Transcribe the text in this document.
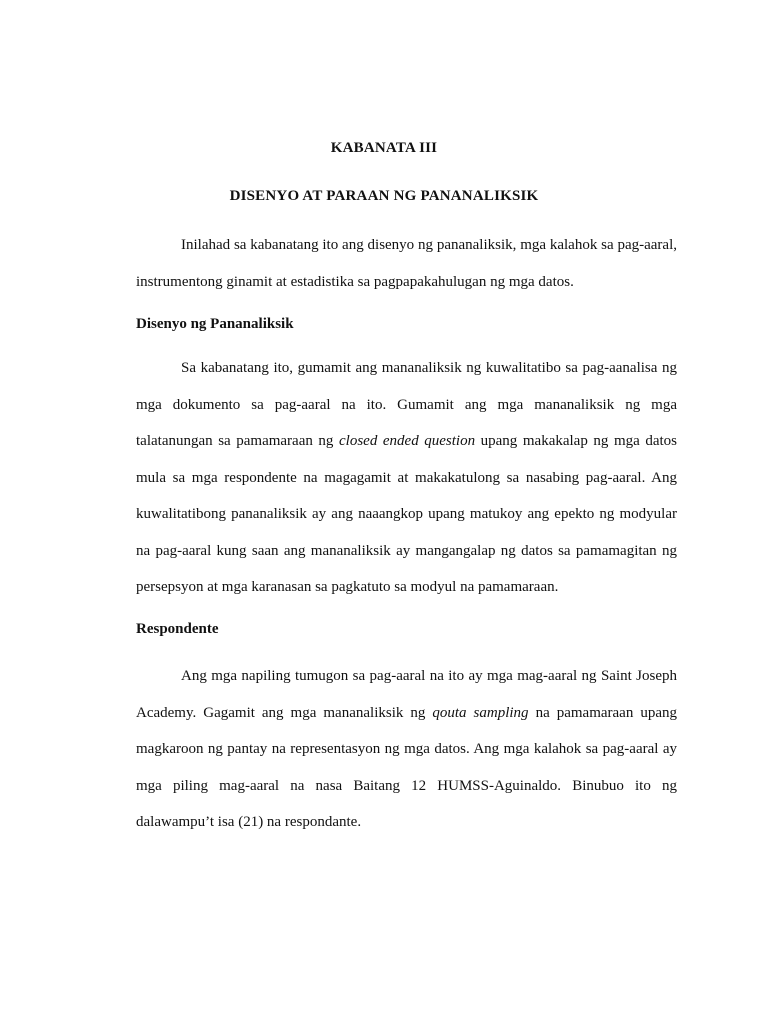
KABANATA III
DISENYO AT PARAAN NG PANANALIKSIK

Inilahad sa kabanatang ito ang disenyo ng pananaliksik, mga kalahok sa pag-aaral, instrumentong ginamit at estadistika sa pagpapakahulugan ng mga datos.

Disenyo ng Pananaliksik

Sa kabanatang ito, gumamit ang mananaliksik ng kuwalitatibo sa pag-aanalisa ng mga dokumento sa pag-aaral na ito. Gumamit ang mga mananaliksik ng mga talatanungan sa pamamaraan ng closed ended question upang makakalap ng mga datos mula sa mga respondente na magagamit at makakatulong sa nasabing pag-aaral. Ang kuwalitatibong pananaliksik ay ang naaangkop upang matukoy ang epekto ng modyular na pag-aaral kung saan ang mananaliksik ay mangangalap ng datos sa pamamagitan ng persepsyon at mga karanasan sa pagkatuto sa modyul na pamamaraan.

Respondente

Ang mga napiling tumugon sa pag-aaral na ito ay mga mag-aaral ng Saint Joseph Academy. Gagamit ang mga mananaliksik ng qouta sampling na pamamaraan upang magkaroon ng pantay na representasyon ng mga datos. Ang mga kalahok sa pag-aaral ay mga piling mag-aaral na nasa Baitang 12 HUMSS-Aguinaldo. Binubuo ito ng dalawampu’t isa (21) na respondante.
